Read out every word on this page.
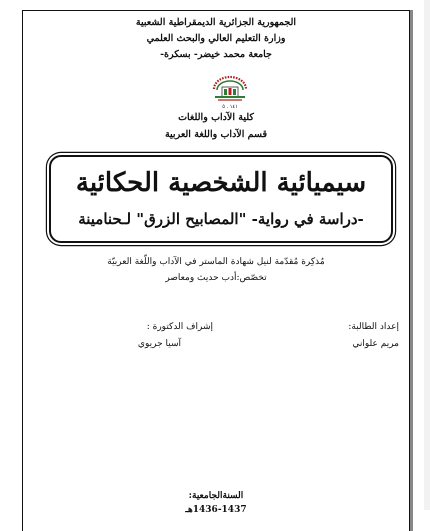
الجمهورية الجزائرية الديمقراطية الشعبية
وزارة التعليم العالي والبحث العلمي
جامعة محمد خيضر- بسكرة-
١٤١ . ٥
كلية الآداب واللغات
قسم الآداب واللغة العربية
مُذكِرة مُقدّمة لنيل شهادة الماستر في الآداب واللّغة العربيّة
تخصّص:أدب حديث ومعاصر
إعداد الطالبة:
مريم علواني
إشراف الدكتورة :
آسيا جريوي
السنةالجامعية:
1436-1437هـ
سيميائية الشخصية الحكائية
-دراسة في رواية- "المصابيح الزرق" لـحنامينة
